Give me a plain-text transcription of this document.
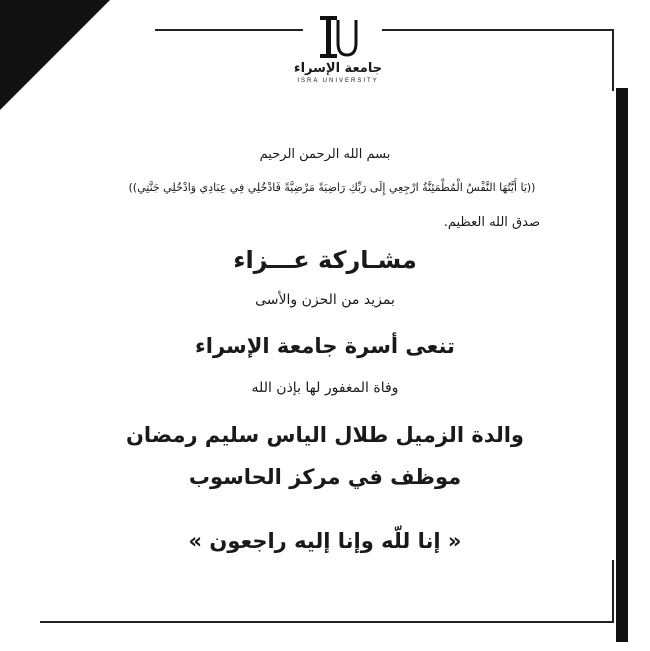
جامعة الإسراء
ISRA UNIVERSITY
بسم الله الرحمن الرحيم
((يَا أَيَّتُهَا النَّفْسُ الْمُطْمَئِنَّةُ ارْجِعِي إِلَى رَبِّكِ رَاضِيَةً مَرْضِيَّةً فَادْخُلِي فِي عِبَادِي وَادْخُلِي جَنَّتِي))
صدق الله العظيم.
مشـاركة عـــزاء
بمزيد من الحزن والأسى
تنعى أسرة جامعة الإسراء
وفاة المغفور لها بإذن الله
والدة الزميل طلال الياس سليم رمضان
موظف في مركز الحاسوب
« إنا للّه وإنا إليه راجعون »
